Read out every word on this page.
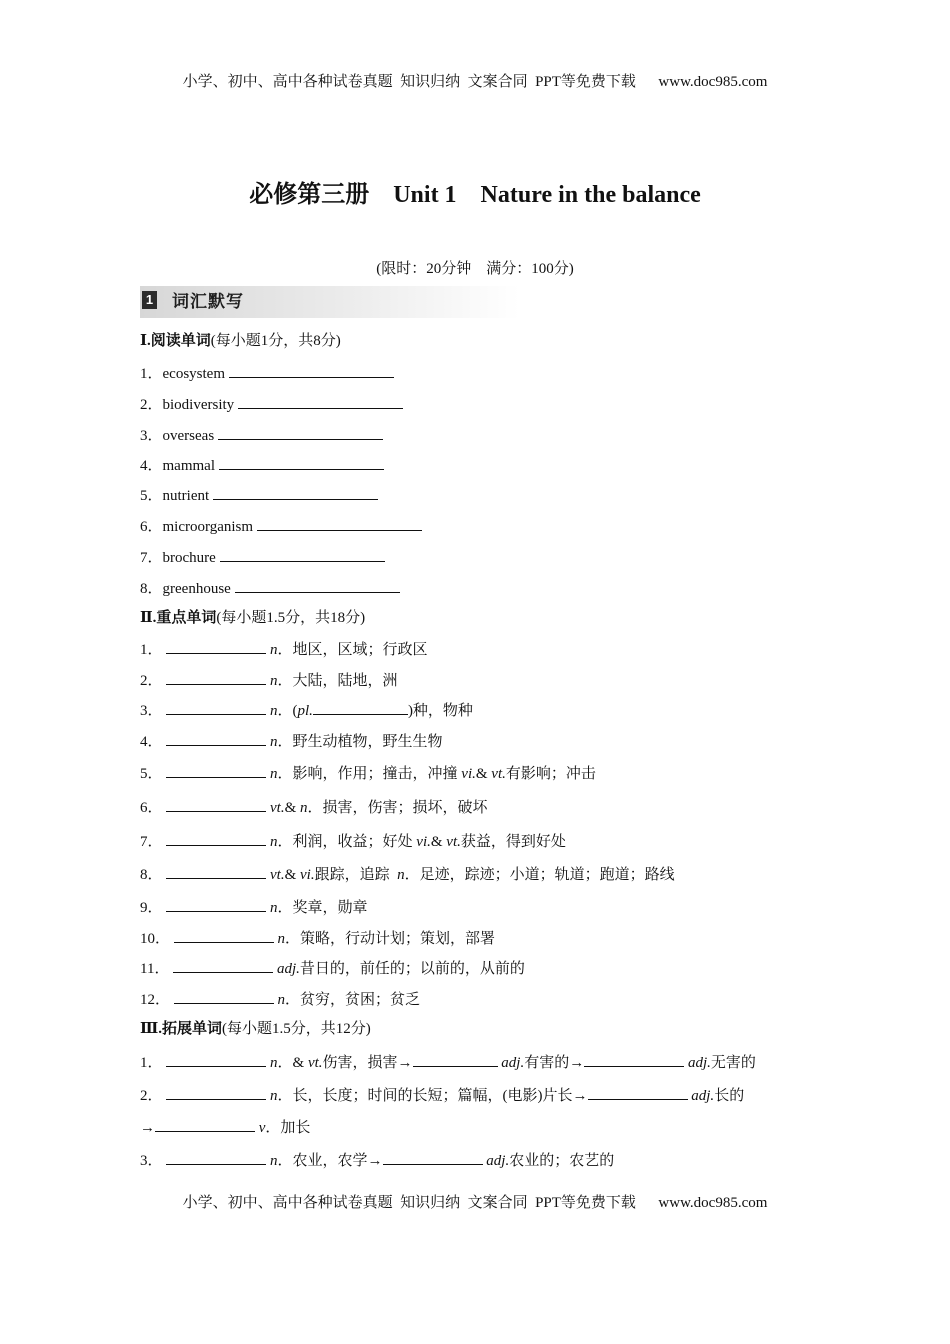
小学、初中、高中各种试卷真题  知识归纳  文案合同  PPT等免费下载      www.doc985.com
必修第三册    Unit 1    Nature in the balance
(限时：20分钟    满分：100分)
1 词汇默写
Ⅰ.阅读单词(每小题1分，共8分)
1．ecosystem
2．biodiversity
3．overseas
4．mammal
5．nutrient
6．microorganism
7．brochure
8．greenhouse
Ⅱ.重点单词(每小题1.5分，共18分)
1．	n．地区，区域；行政区
2．	n．大陆，陆地，洲
3．	n．(pl.	)种，物种
4．	n．野生动植物，野生生物
5．	n．影响，作用；撞击，冲撞 vi.& vt.有影响；冲击
6．	vt.& n．损害，伤害；损坏，破坏
7．	n．利润，收益；好处 vi.& vt.获益，得到好处
8．	vt.& vi.跟踪，追踪  n．足迹，踪迹；小道；轨道；跑道；路线
9．	n．奖章，勋章
10．	n．策略，行动计划；策划，部署
11．	adj.昔日的，前任的；以前的，从前的
12．	n．贫穷，贫困；贫乏
Ⅲ.拓展单词(每小题1.5分，共12分)
1．	n．& vt.伤害，损害→	adj.有害的→	adj.无害的
2．	n．长，长度；时间的长短；篇幅，(电影)片长→	adj.长的
→	v．加长
3．	n．农业，农学→	adj.农业的；农艺的
小学、初中、高中各种试卷真题  知识归纳  文案合同  PPT等免费下载      www.doc985.com
